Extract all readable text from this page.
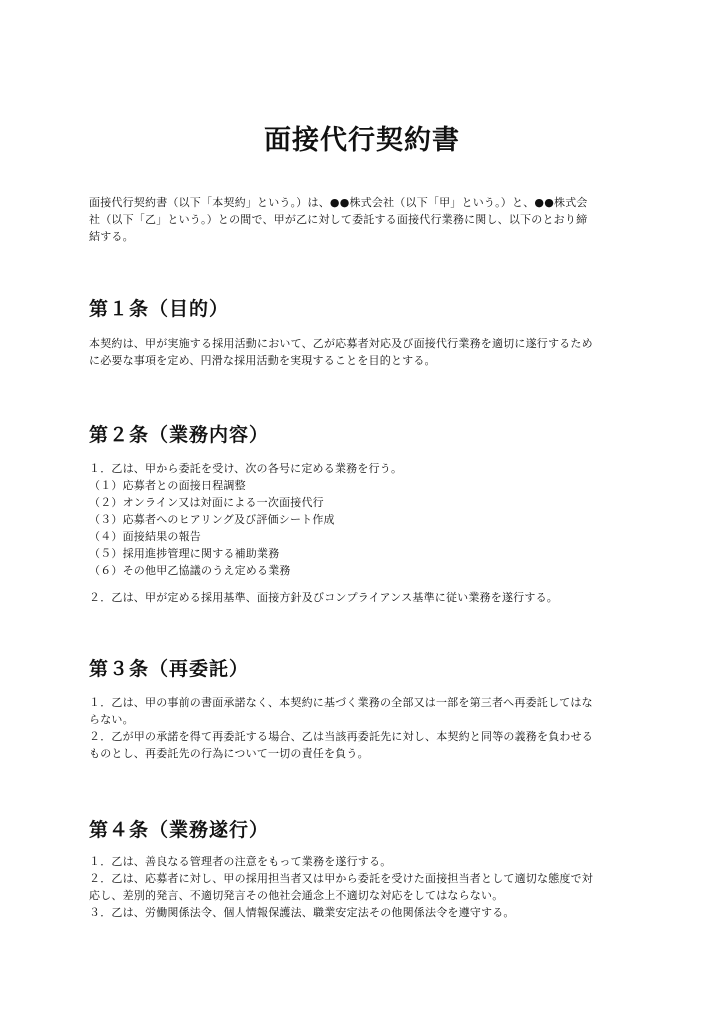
面接代行契約書
面接代行契約書（以下「本契約」という。）は、●●株式会社（以下「甲」という。）と、●●株式会
社（以下「乙」という。）との間で、甲が乙に対して委託する面接代行業務に関し、以下のとおり締
結する。
第１条（目的）
本契約は、甲が実施する採用活動において、乙が応募者対応及び面接代行業務を適切に遂行するため
に必要な事項を定め、円滑な採用活動を実現することを目的とする。
第２条（業務内容）
１．乙は、甲から委託を受け、次の各号に定める業務を行う。
（１）応募者との面接日程調整
（２）オンライン又は対面による一次面接代行
（３）応募者へのヒアリング及び評価シート作成
（４）面接結果の報告
（５）採用進捗管理に関する補助業務
（６）その他甲乙協議のうえ定める業務
２．乙は、甲が定める採用基準、面接方針及びコンプライアンス基準に従い業務を遂行する。
第３条（再委託）
１．乙は、甲の事前の書面承諾なく、本契約に基づく業務の全部又は一部を第三者へ再委託してはな
らない。
２．乙が甲の承諾を得て再委託する場合、乙は当該再委託先に対し、本契約と同等の義務を負わせる
ものとし、再委託先の行為について一切の責任を負う。
第４条（業務遂行）
１．乙は、善良なる管理者の注意をもって業務を遂行する。
２．乙は、応募者に対し、甲の採用担当者又は甲から委託を受けた面接担当者として適切な態度で対
応し、差別的発言、不適切発言その他社会通念上不適切な対応をしてはならない。
３．乙は、労働関係法令、個人情報保護法、職業安定法その他関係法令を遵守する。
